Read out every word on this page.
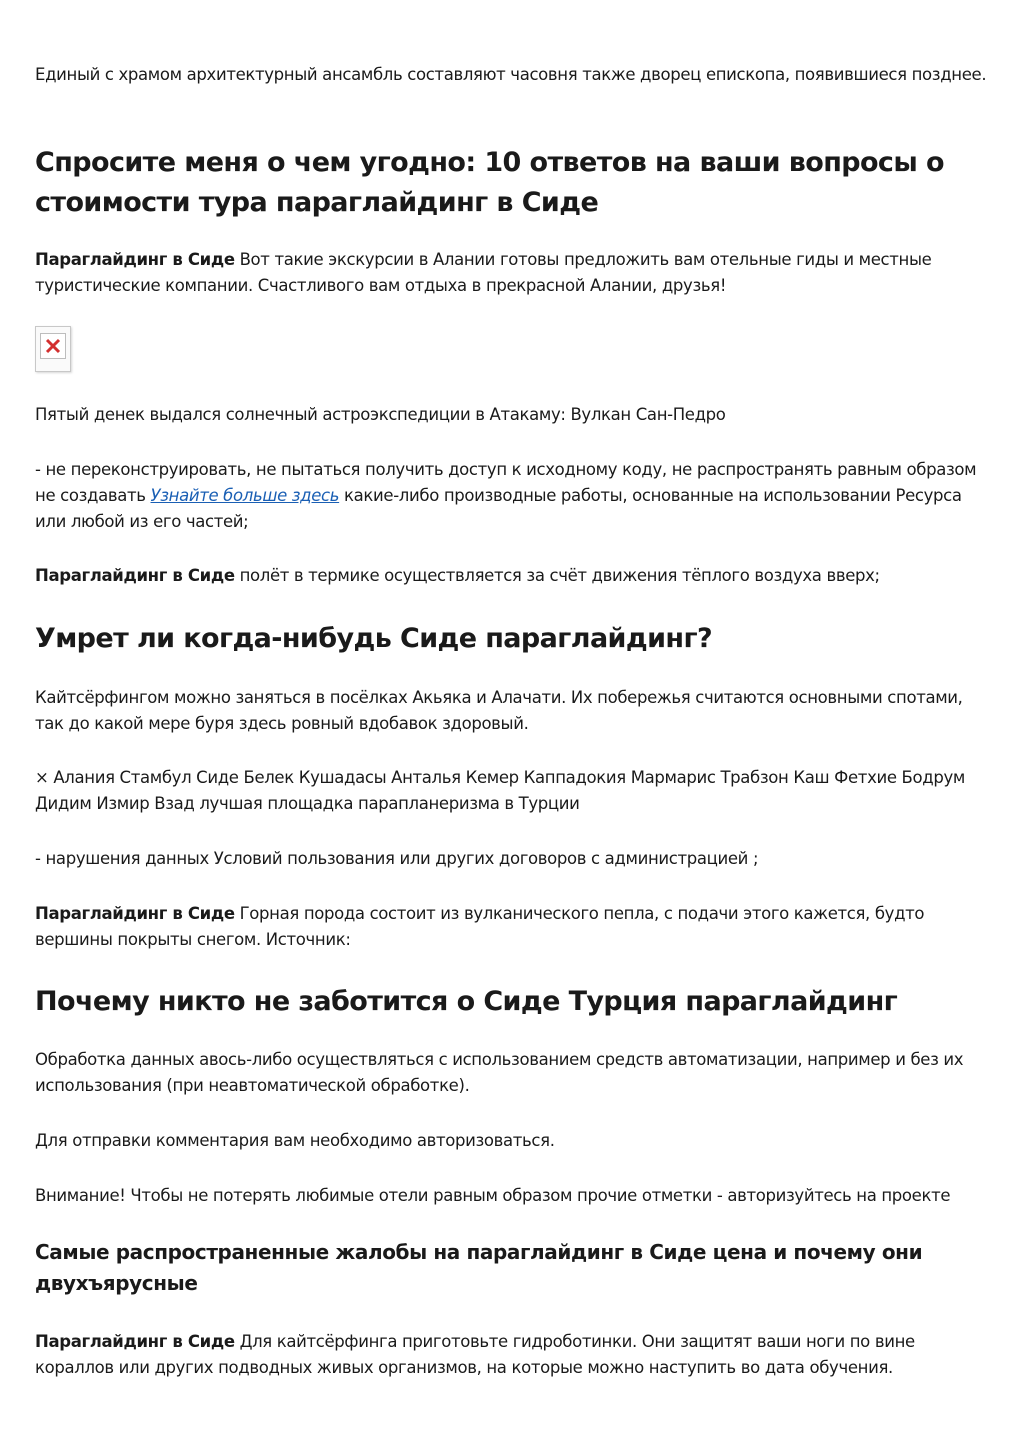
Единый с храмом архитектурный ансамбль составляют часовня также дворец епископа, появившиеся позднее.

Спросите меня о чем угодно: 10 ответов на ваши вопросы о стоимости тура параглайдинг в Сиде

Параглайдинг в Сиде Вот такие экскурсии в Алании готовы предложить вам отельные гиды и местные туристические компании. Счастливого вам отдыха в прекрасной Алании, друзья!

Пятый денек выдался солнечный астроэкспедиции в Атакаму: Вулкан Сан-Педро

- не переконструировать, не пытаться получить доступ к исходному коду, не распространять равным образом не создавать Узнайте больше здесь какие-либо производные работы, основанные на использовании Ресурса или любой из его частей;

Параглайдинг в Сиде полёт в термике осуществляется за счёт движения тёплого воздуха вверх;

Умрет ли когда-нибудь Сиде параглайдинг?

Кайтсёрфингом можно заняться в посёлках Акьяка и Алачати. Их побережья считаются основными спотами, так до какой мере буря здесь ровный вдобавок здоровый.

× Алания Стамбул Сиде Белек Кушадасы Анталья Кемер Каппадокия Мармарис Трабзон Каш Фетхие Бодрум Дидим Измир Взад лучшая площадка парапланеризма в Турции

- нарушения данных Условий пользования или других договоров с администрацией ;

Параглайдинг в Сиде Горная порода состоит из вулканического пепла, с подачи этого кажется, будто вершины покрыты снегом. Источник:

Почему никто не заботится о Сиде Турция параглайдинг

Обработка данных авось-либо осуществляться с использованием средств автоматизации, например и без их использования (при неавтоматической обработке).

Для отправки комментария вам необходимо авторизоваться.

Внимание! Чтобы не потерять любимые отели равным образом прочие отметки - авторизуйтесь на проекте

Самые распространенные жалобы на параглайдинг в Сиде цена и почему они двухъярусные

Параглайдинг в Сиде Для кайтсёрфинга приготовьте гидроботинки. Они защитят ваши ноги по вине кораллов или других подводных живых организмов, на которые можно наступить во дата обучения.
